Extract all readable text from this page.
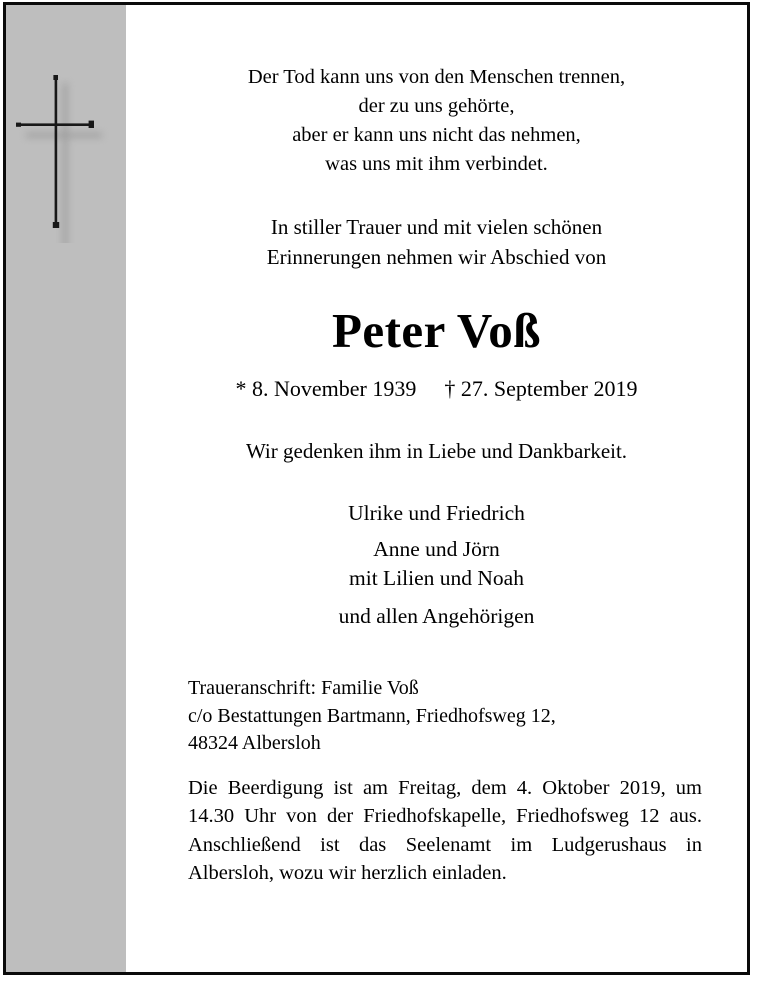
Der Tod kann uns von den Menschen trennen,
der zu uns gehörte,
aber er kann uns nicht das nehmen,
was uns mit ihm verbindet.
In stiller Trauer und mit vielen schönen
Erinnerungen nehmen wir Abschied von
Peter Voß
* 8. November 1939 † 27. September 2019
Wir gedenken ihm in Liebe und Dankbarkeit.
Ulrike und Friedrich
Anne und Jörn
mit Lilien und Noah
und allen Angehörigen
Traueranschrift: Familie Voß
c/o Bestattungen Bartmann, Friedhofsweg 12,
48324 Albersloh

Die Beerdigung ist am Freitag, dem 4. Oktober 2019, um 14.30 Uhr von der Friedhofskapelle, Friedhofsweg 12 aus. Anschließend ist das Seelenamt im Ludgerushaus in Albersloh, wozu wir herzlich einladen.
